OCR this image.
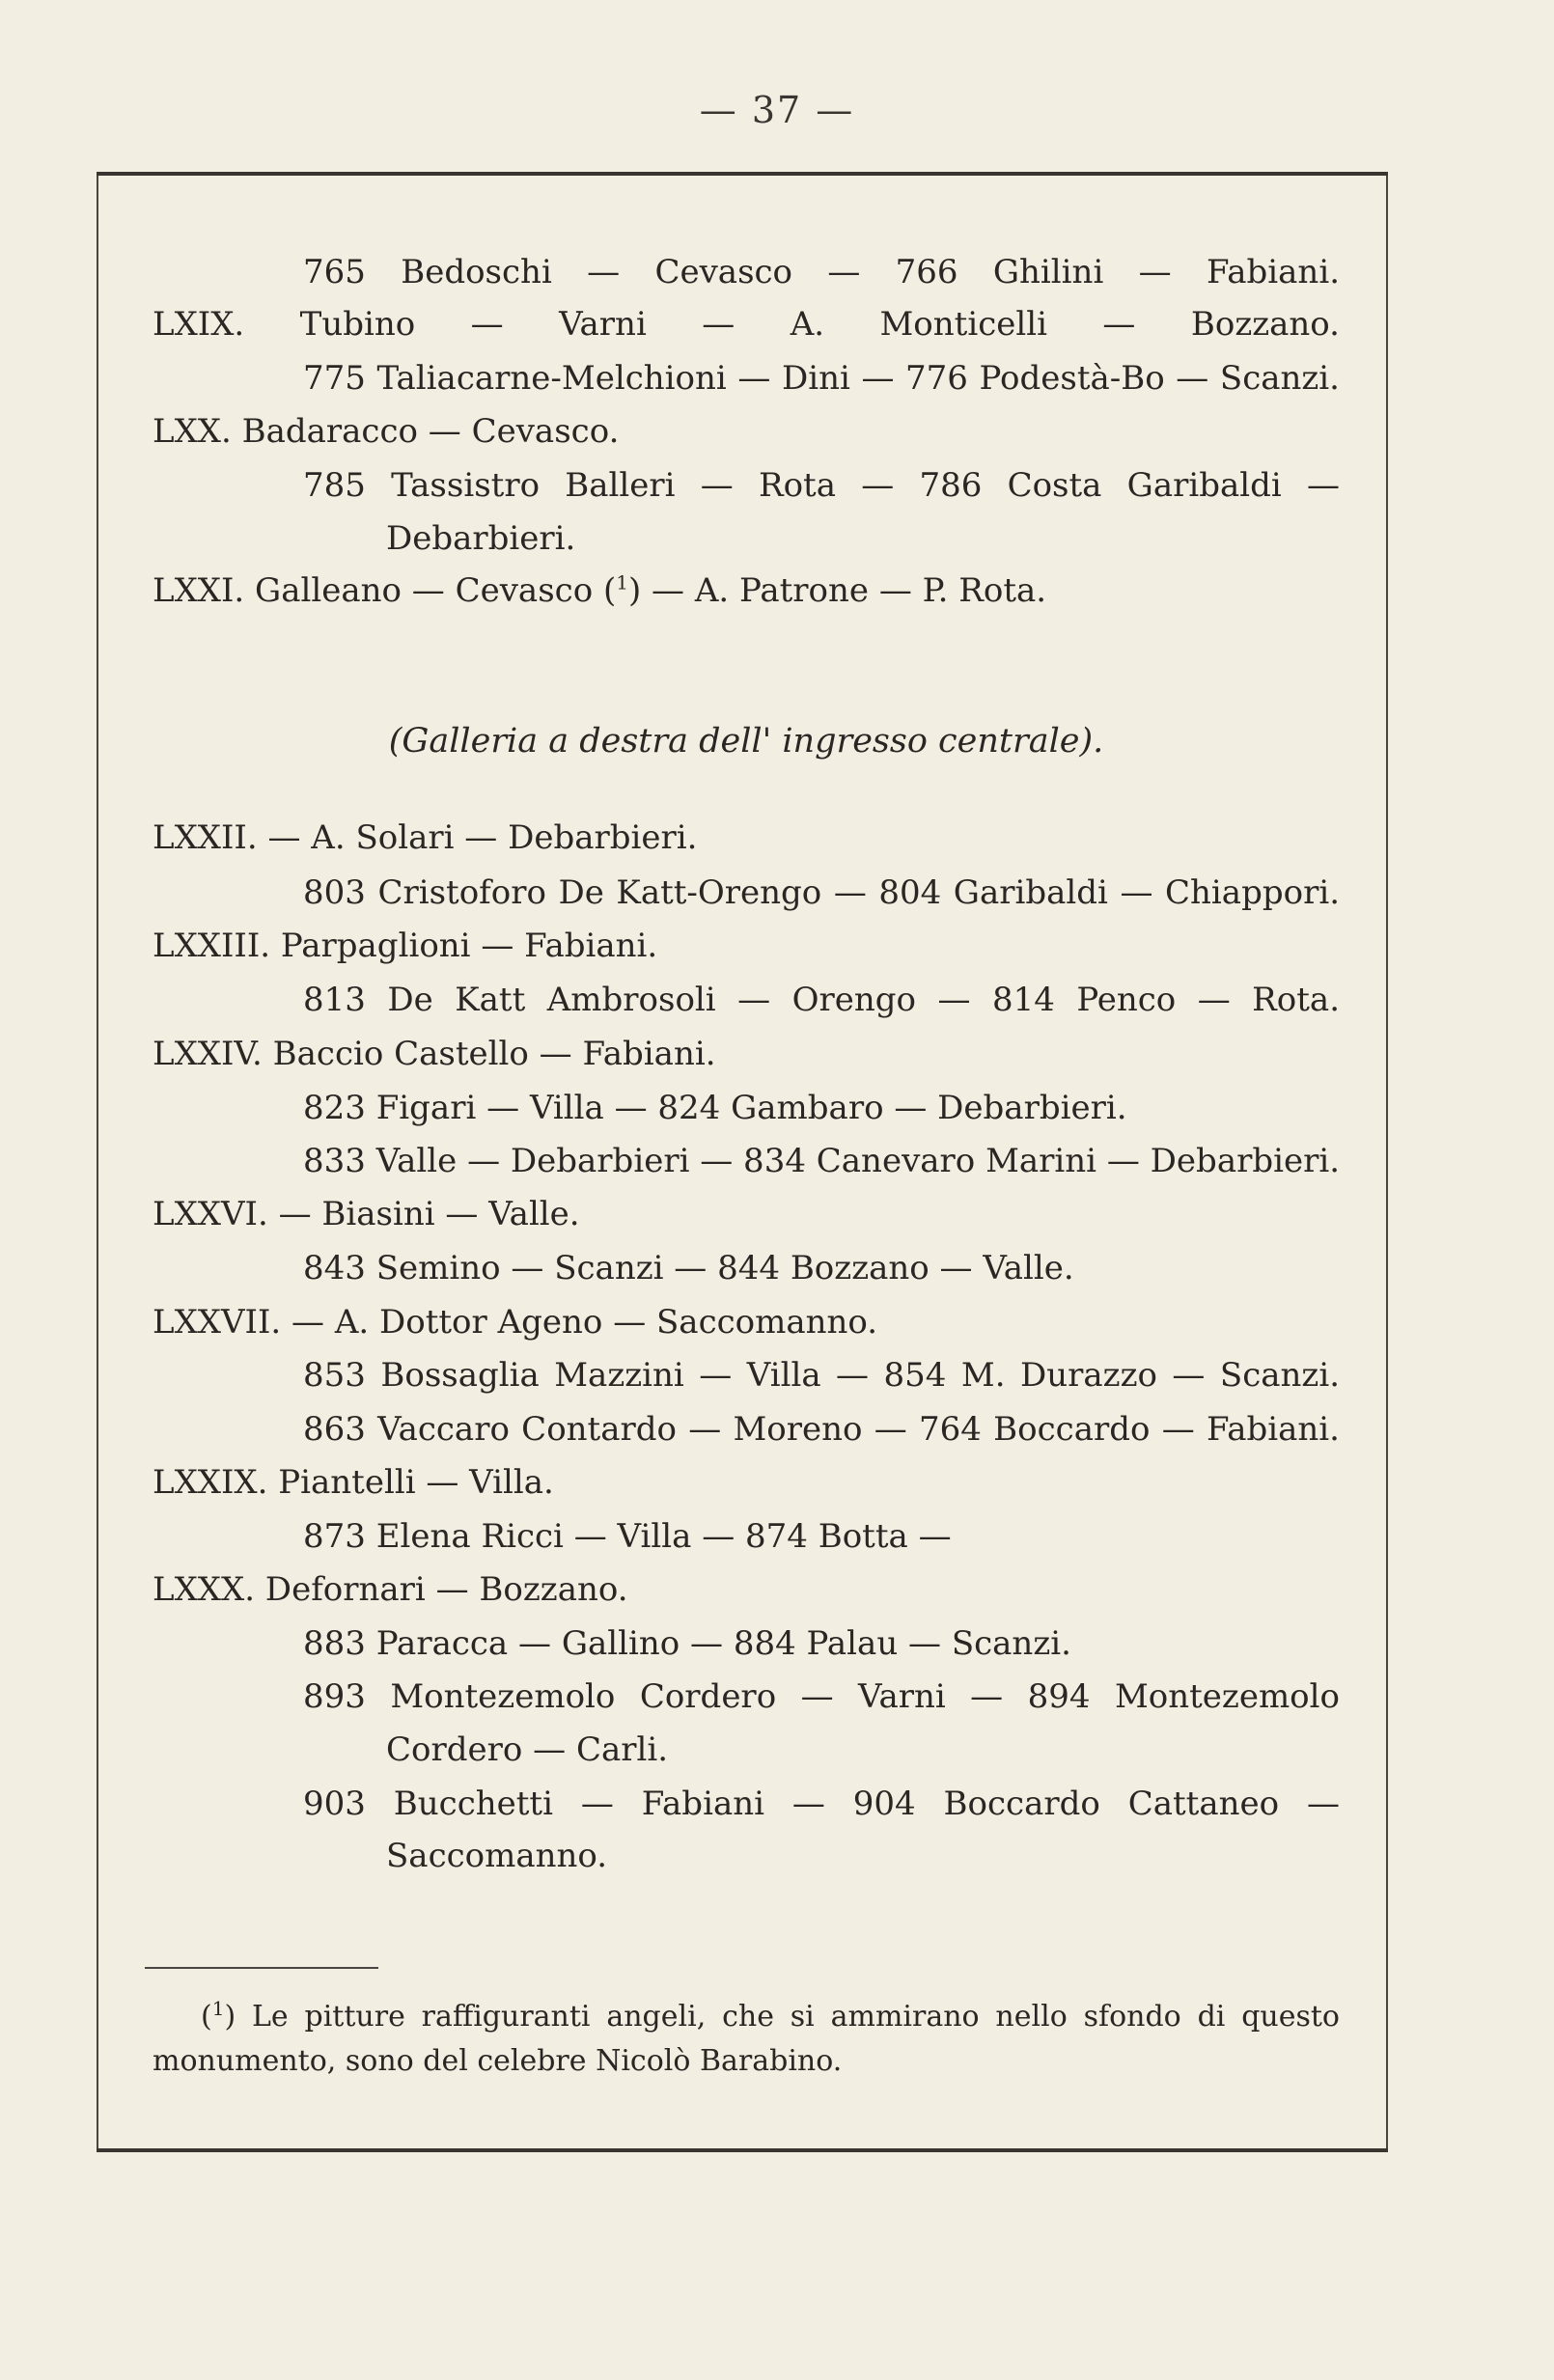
— 37 —
765 Bedoschi — Cevasco — 766 Ghilini — Fabiani.
LXIX. Tubino — Varni — A. Monticelli — Bozzano.
775 Taliacarne-Melchioni — Dini — 776 Podestà-Bo — Scanzi.
LXX. Badaracco — Cevasco.
785 Tassistro Balleri — Rota — 786 Costa Garibaldi —
Debarbieri.
LXXI. Galleano — Cevasco ($^1$) — A. Patrone — P. Rota.
(Galleria a destra dell' ingresso centrale).
LXXII. — A. Solari — Debarbieri.
803 Cristoforo De Katt-Orengo — 804 Garibaldi — Chiappori.
LXXIII. Parpaglioni — Fabiani.
813 De Katt Ambrosoli — Orengo — 814 Penco — Rota.
LXXIV. Baccio Castello — Fabiani.
823 Figari — Villa — 824 Gambaro — Debarbieri.
833 Valle — Debarbieri — 834 Canevaro Marini — Debarbieri.
LXXVI. — Biasini — Valle.
843 Semino — Scanzi — 844 Bozzano — Valle.
LXXVII. — A. Dottor Ageno — Saccomanno.
853 Bossaglia Mazzini — Villa — 854 M. Durazzo — Scanzi.
863 Vaccaro Contardo — Moreno — 764 Boccardo — Fabiani.
LXXIX. Piantelli — Villa.
873 Elena Ricci — Villa — 874 Botta —
LXXX. Defornari — Bozzano.
883 Paracca — Gallino — 884 Palau — Scanzi.
893 Montezemolo Cordero — Varni — 894 Montezemolo
Cordero — Carli.
903 Bucchetti — Fabiani — 904 Boccardo Cattaneo —
Saccomanno.
($^1$) Le pitture raffiguranti angeli, che si ammirano nello sfondo di questo
monumento, sono del celebre Nicolò Barabino.
